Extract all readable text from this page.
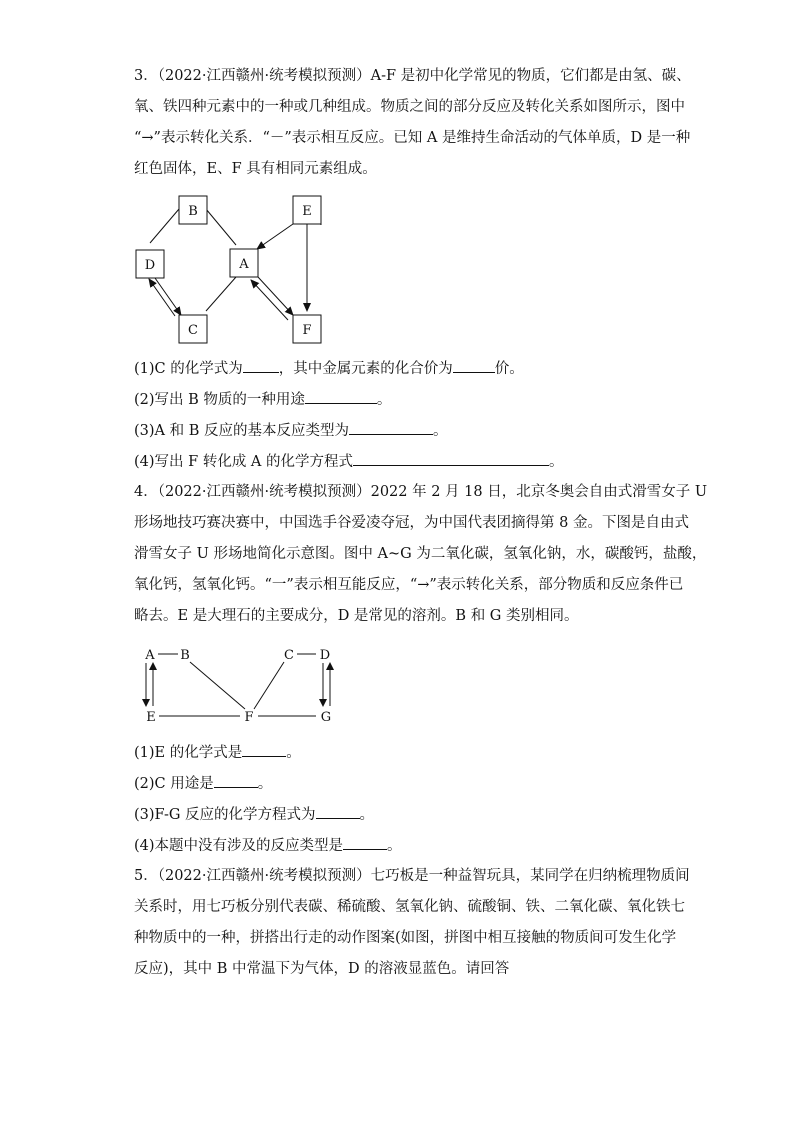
3．（2022·江西赣州·统考模拟预测）A-F 是初中化学常见的物质，它们都是由氢、碳、
氧、铁四种元素中的一种或几种组成。物质之间的部分反应及转化关系如图所示，图中
“→”表示转化关系．“－”表示相互反应。已知 A 是维持生命活动的气体单质，D 是一种
红色固体，E、F 具有相同元素组成。
B
D	A
C
E
F
(1)C 的化学式为 ，其中金属元素的化合价为	价。
(2)写出 B 物质的一种用途	。
(3)A 和 B 反应的基本反应类型为	。
(4)写出 F 转化成 A 的化学方程式	。
4．（2022·江西赣州·统考模拟预测）2022 年 2 月 18 日，北京冬奥会自由式滑雪女子 U
形场地技巧赛决赛中，中国选手谷爱凌夺冠，为中国代表团摘得第 8 金。下图是自由式
滑雪女子 U 形场地简化示意图。图中 A~G 为二氧化碳，氢氧化钠，水，碳酸钙，盐酸，
氧化钙，氢氧化钙。“一”表示相互能反应，“→”表示转化关系，部分物质和反应条件已
略去。E 是大理石的主要成分，D 是常见的溶剂。B 和 G 类别相同。
A B	C D
E	F	G
(1)E 的化学式是	。
(2)C 用途是	。
(3)F-G 反应的化学方程式为	。
(4)本题中没有涉及的反应类型是	。
5．（2022·江西赣州·统考模拟预测）七巧板是一种益智玩具，某同学在归纳梳理物质间
关系时，用七巧板分别代表碳、稀硫酸、氢氧化钠、硫酸铜、铁、二氧化碳、氧化铁七
种物质中的一种，拼搭出行走的动作图案(如图，拼图中相互接触的物质间可发生化学
反应)，其中 B 中常温下为气体，D 的溶液显蓝色。请回答
